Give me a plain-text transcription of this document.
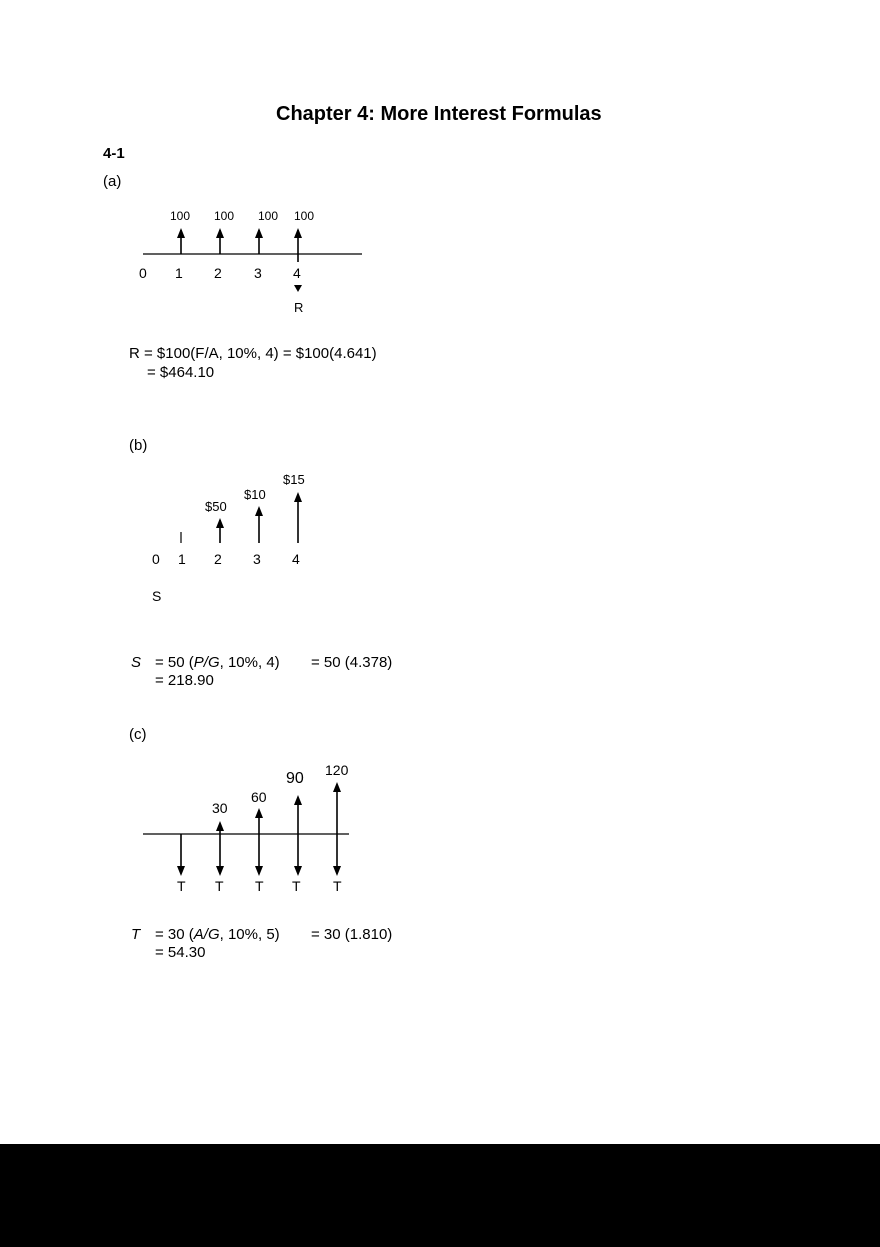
Chapter 4: More Interest Formulas
4-1
(a)
100 100 100 100
0 1 2 3 4
R
R = $100(F/A, 10%, 4) = $100(4.641)
= $464.10
(b)
$50
$10
$15
0 1 2 3 4
S
S = 50 (P/G, 10%, 4) = 50 (4.378)
= 218.90
(c)
30
60
90 120
T T T T T
T = 30 (A/G, 10%, 5) = 30 (1.810)
= 54.30
